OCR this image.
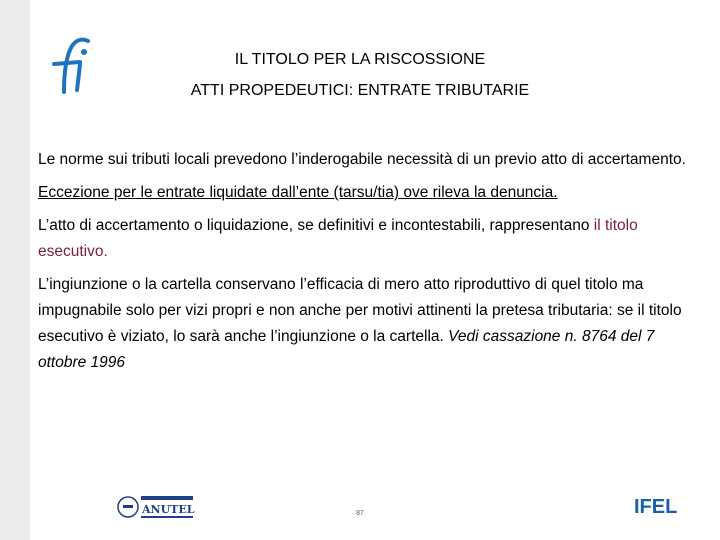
IL TITOLO PER LA RISCOSSIONE
ATTI PROPEDEUTICI: ENTRATE TRIBUTARIE

Le norme sui tributi locali prevedono l’inderogabile necessità di un previo atto di accertamento.

Eccezione per le entrate liquidate dall’ente (tarsu/tia) ove rileva la denuncia.

L’atto di accertamento o liquidazione, se definitivi e incontestabili, rappresentano il titolo esecutivo.

L’ingiunzione o la cartella conservano l’efficacia di mero atto riproduttivo di quel titolo ma impugnabile solo per vizi propri e non anche per motivi attinenti la pretesa tributaria: se il titolo esecutivo è viziato, lo sarà anche l’ingiunzione o la cartella. Vedi cassazione n. 8764 del 7 ottobre 1996

ANUTEL	87	IFEL
